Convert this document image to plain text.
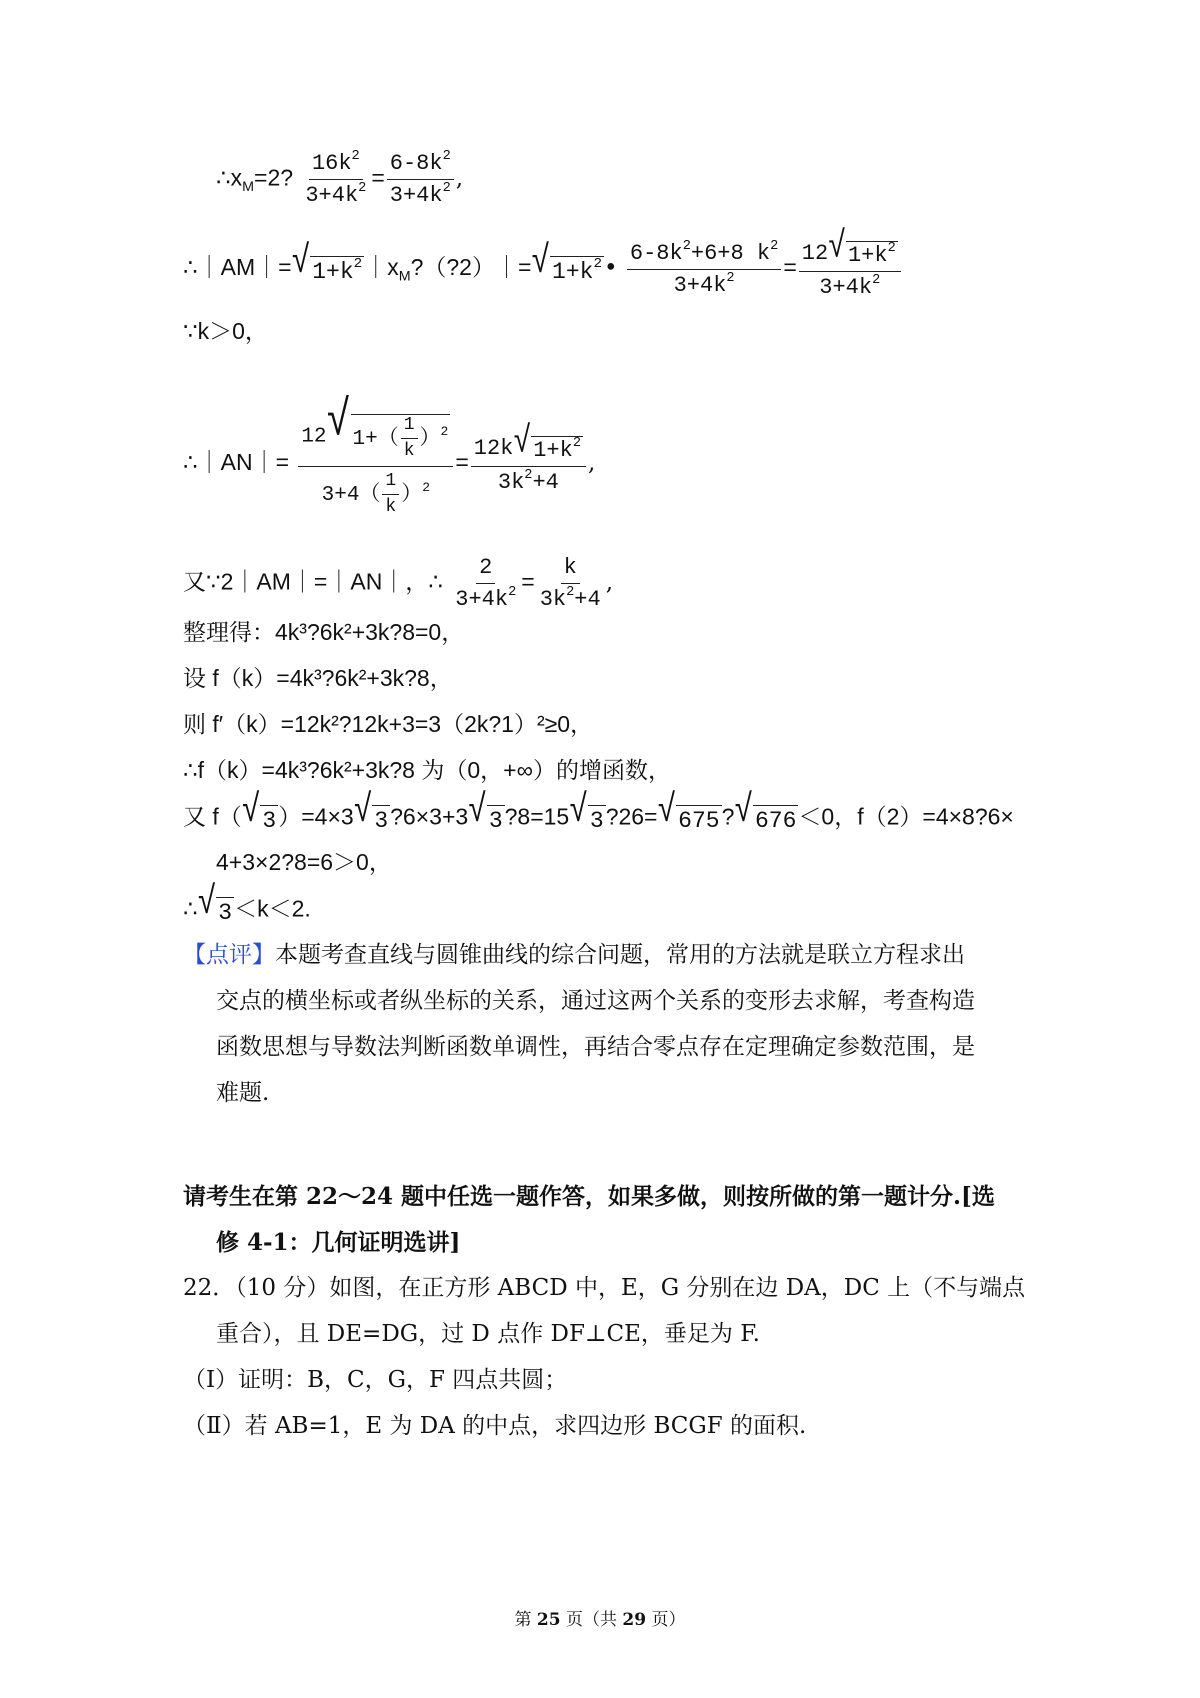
$\therefore x_M=2$? $\frac{16k^2}{3+4k^2} = \frac{6-8k^2}{3+4k^2}$ ,
∴｜AM｜= √ $1+k^2$ $|x_M?(?2)|=$ √ $1+k^2$ • $\frac{6-8k^2+6+8 k^2}{3+4k^2} = \frac{12 √ 1+k^2}{3+4k^2}$
∵k＞0，
∴｜AN｜= $\frac{12 √ 1+( \frac{1}{k} )^2}{3+4( \frac{1}{k} )^2} = \frac{12k √ 1+k^2}{3k^2+4}$ ,
又∵2｜AM｜=｜AN｜，∴ $\frac{2}{3+4k^2} = \frac{k}{3k^2+4}$ ,
整理得：4k³?6k²+3k?8=0，
设 f（k）=4k³?6k²+3k?8，
则 f′（k）=12k²?12k+3=3（2k?1）²≥0，
∴f（k）=4k³?6k²+3k?8 为（0，+∞）的增函数，
又 f（ √ 3 ）=4×3 √ 3 ?6×3+3 √ 3 ?8=15 √ 3 ?26= √ 675 ? √ 676 ＜0，f（2）=4×8?6×
4+3×2?8=6＞0，
∴ √ 3 ＜k＜2.
【点评】本题考查直线与圆锥曲线的综合问题，常用的方法就是联立方程求出
交点的横坐标或者纵坐标的关系，通过这两个关系的变形去求解，考查构造
函数思想与导数法判断函数单调性，再结合零点存在定理确定参数范围，是
难题.
请考生在第 22～24 题中任选一题作答，如果多做，则按所做的第一题计分.[选
修 4-1：几何证明选讲]
22．（10 分）如图，在正方形 ABCD 中，E，G 分别在边 DA，DC 上（不与端点
重合），且 DE=DG，过 D 点作 DF⊥CE，垂足为 F.
（Ⅰ）证明：B，C，G，F 四点共圆；
（Ⅱ）若 AB=1，E 为 DA 的中点，求四边形 BCGF 的面积.
第 25 页（共 29 页）
